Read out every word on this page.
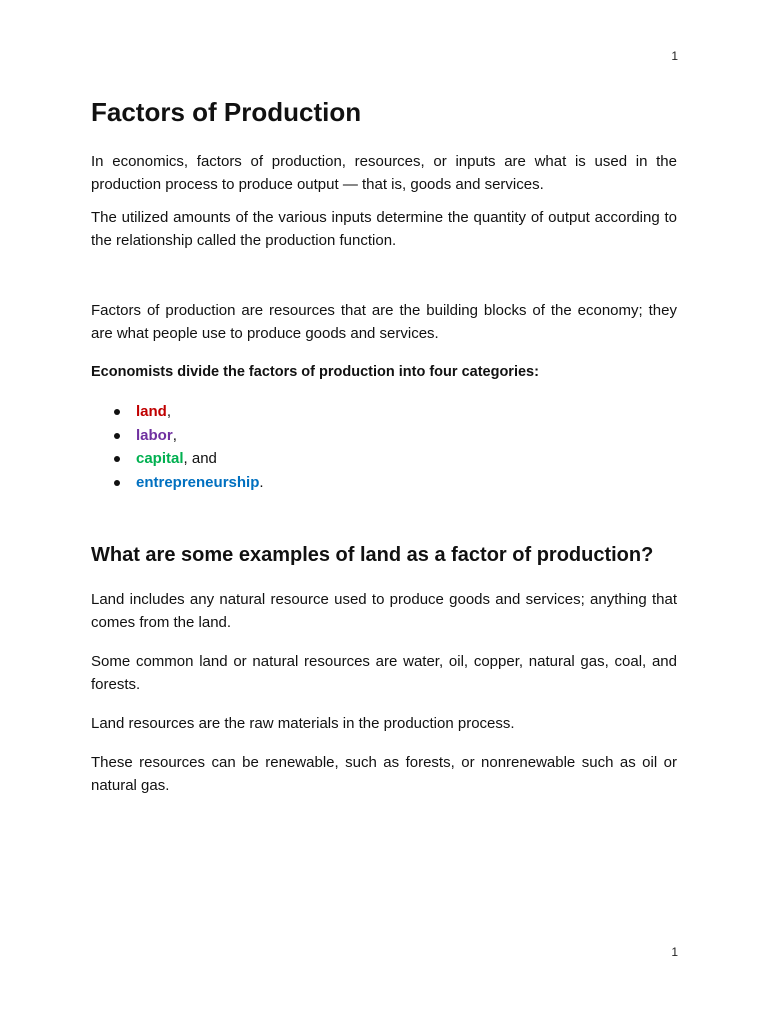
1
Factors of Production

In economics, factors of production, resources, or inputs are what is used in the production process to produce output — that is, goods and services.

The utilized amounts of the various inputs determine the quantity of output according to the relationship called the production function.

Factors of production are resources that are the building blocks of the economy; they are what people use to produce goods and services.

Economists divide the factors of production into four categories:

land,
labor,
capital, and
entrepreneurship.
What are some examples of land as a factor of production?

Land includes any natural resource used to produce goods and services; anything that comes from the land.

Some common land or natural resources are water, oil, copper, natural gas, coal, and forests.

Land resources are the raw materials in the production process.

These resources can be renewable, such as forests, or nonrenewable such as oil or natural gas.

1
